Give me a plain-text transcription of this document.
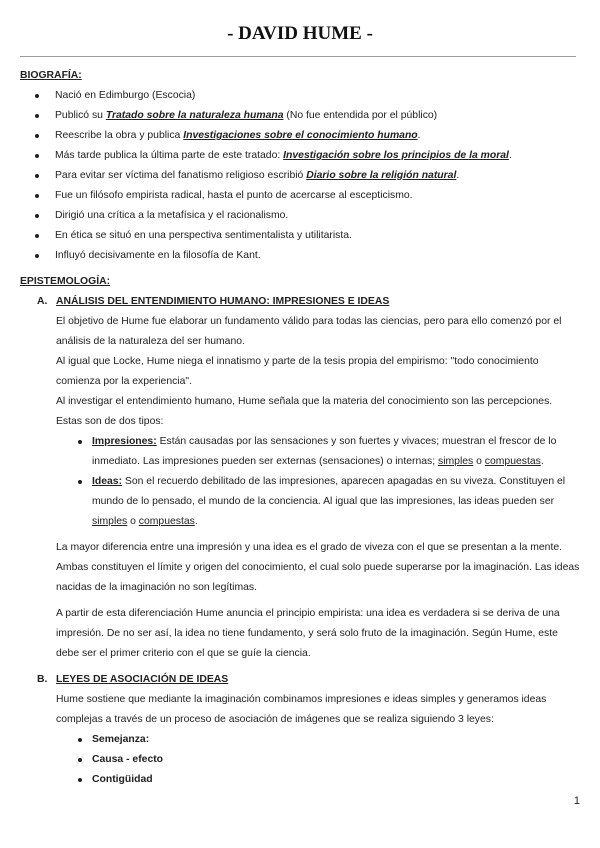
- DAVID HUME -
BIOGRAFÍA:
Nació en Edimburgo (Escocia)
Publicó su Tratado sobre la naturaleza humana (No fue entendida por el público)
Reescribe la obra y publica Investigaciones sobre el conocimiento humano.
Más tarde publica la última parte de este tratado: Investigación sobre los principios de la moral.
Para evitar ser víctima del fanatismo religioso escribió Diario sobre la religión natural.
Fue un filósofo empirista radical, hasta el punto de acercarse al escepticismo.
Dirigió una crítica a la metafísica y el racionalismo.
En ética se situó en una perspectiva sentimentalista y utilitarista.
Influyó decisivamente en la filosofía de Kant.
EPISTEMOLOGÍA:
A. ANÁLISIS DEL ENTENDIMIENTO HUMANO: IMPRESIONES E IDEAS
El objetivo de Hume fue elaborar un fundamento válido para todas las ciencias, pero para ello comenzó por el análisis de la naturaleza del ser humano.
Al igual que Locke, Hume niega el innatismo y parte de la tesis propia del empirismo: "todo conocimiento comienza por la experiencia".
Al investigar el entendimiento humano, Hume señala que la materia del conocimiento son las percepciones. Estas son de dos tipos:
Impresiones: Están causadas por las sensaciones y son fuertes y vivaces; muestran el frescor de lo inmediato. Las impresiones pueden ser externas (sensaciones) o internas; simples o compuestas.
Ideas: Son el recuerdo debilitado de las impresiones, aparecen apagadas en su viveza. Constituyen el mundo de lo pensado, el mundo de la conciencia. Al igual que las impresiones, las ideas pueden ser simples o compuestas.
La mayor diferencia entre una impresión y una idea es el grado de viveza con el que se presentan a la mente. Ambas constituyen el límite y origen del conocimiento, el cual solo puede superarse por la imaginación. Las ideas nacidas de la imaginación no son legítimas.
A partir de esta diferenciación Hume anuncia el principio empirista: una idea es verdadera si se deriva de una impresión. De no ser así, la idea no tiene fundamento, y será solo fruto de la imaginación. Según Hume, este debe ser el primer criterio con el que se guíe la ciencia.
B. LEYES DE ASOCIACIÓN DE IDEAS
Hume sostiene que mediante la imaginación combinamos impresiones e ideas simples y generamos ideas complejas a través de un proceso de asociación de imágenes que se realiza siguiendo 3 leyes:
Semejanza:
Causa - efecto
Contigüidad
1
